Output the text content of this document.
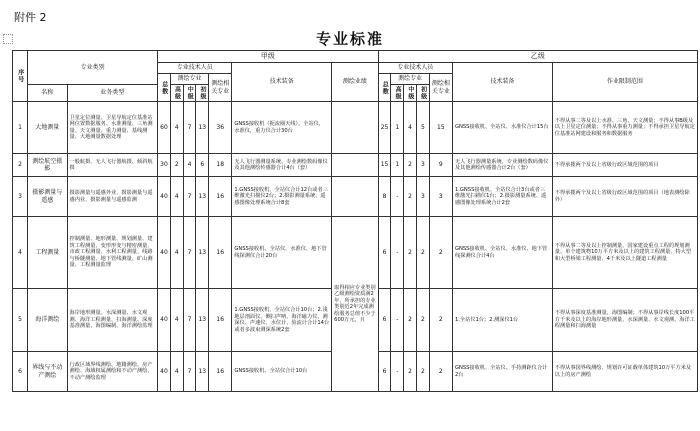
附件 2
专业标准
序号	专业类别		甲级							乙级						
			专业技术人员					技术装备	测绘业绩	专业技术人员					技术装备	作业限制范围

			总数	测绘专业			测绘相关专业			总数	测绘专业			测绘相关专业		
	名称	业务类型		高级	中级	初级					高级	中级	初级			

1	大地测量	卫星定位测量、卫星导航定位基准站网位置数据服务、水准测量、三角测量、天文测量、重力测量、基线测量、大地测量数据处理	60	4	7	13	36	GNSS接收机（扼流圈天线），全站仪，水准仪，重力仪合计30台		25	1	4	5	15	GNSS接收机、全站仪、水准仪合计15台	不得从事二等及以上水准、三角、天文测量；不得从事B级及以上卫星定位测量；不得从事重力测量；不得承担卫星导航定位基准站网建设和服务和数据服务
2	测绘航空摄影	一般航摄、无人飞行器航摄、倾斜航摄	30	2	4	6	18	无人飞行器测量系统、专业测绘数码像仪及其他测绘传感器合计4台（套）		15	1	2	3	9	无人飞行器测量系统、专业测绘数码像仪及其他测绘传感器合计2台（套）	不得承揽两个及以上省级行政区域范围的项目
3	摄影测量与遥感	摄影测量与遥感外业、摄影测量与遥感内业、摄影测量与遥感监测	40	4	7	13	16	1.GNSS接收机、全站仪合计12台或者三维激光扫描仪2台；2.摄影测量系统、遥感图像处理系统合计8套		8	-	2	3	3	1.GNSS接收机、全站仪合计3台或者三维激光扫描仪1台；2.摄影测量系统、遥感图像处理系统合计2套	不得承揽两个及以上省级行政区域范围的项目（地表测绘除外）
4	工程测量	控制测量、地形测量、规划测量、建筑工程测量、变形形变与精密测量、市政工程测量、水利工程测量、线路与桥隧测量、地下管线测量、矿山测量、工程测量监理	40	4	7	13	16	GNSS接收机、全站仪、水准仪、地下管线探测仪合计20台	取得相应专业类别乙级测绘资质满2年，所承担的专业类别近2年完成测绘服务总值不少于600万元，且	6	-	2	2	2	GNSS接收机、全站仪、水准仪、地下管线探测仪合计4台	不得从事二等及以上控制测量、国家建设重点工程的规划测量、单个建筑物10万平方米及以上的建筑工程测量、特大型和大型桥梁工程测量、4千米及以上隧道工程测量
5	海洋测绘	海岸地形测量、水深测量、水文观测、海洋工程测量、扫海测量、深度基准测量、海图编制、海洋测绘监理	40	4	7	13	16	1.GNSS接收机、全站仪合计10台；2.浅地层剖面仪、侧扫声呐、海洋磁力仪、测深仪、声速仪、水位计、验流计合计14台或者多波束测深系统2套		6	-	2	2	2	1.全站仪1台；2.测深仪1台	不得从事深度基准测量、海图编制；不得从事岸线长度100平方千米及以上的海岸地形测量、水深测量、水文观测、海洋工程测量和扫海测量
6	界线与不动产测绘	行政区域界线测绘、地籍测绘、房产测绘、海域权属测绘和不动产测绘、不动产测绘监理	40	4	7	13	16	GNSS接收机、全站仪合计10台		6	-	2	2	2	GNSS接收机、全站仪、手持测距仪合计2台	不得从事国界线测绘、规划许可证载单体建筑10万平方米及以上的房产测绘
